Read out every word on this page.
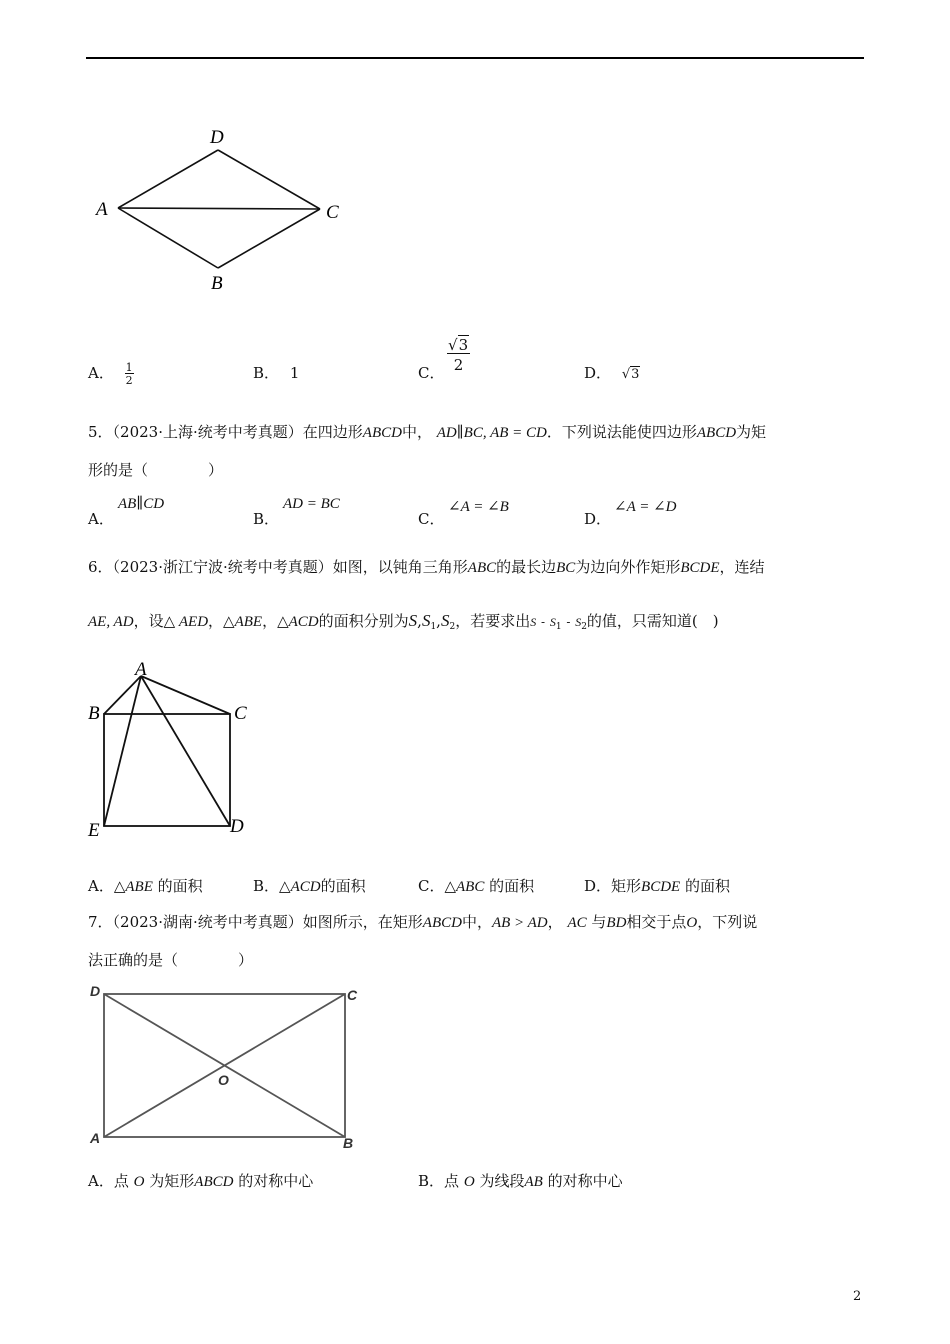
D
A	C
B
A． $\frac{1}{2}$	B． 1	C． $\frac{√3}{2}$	D． √3
5．（2023·上海·统考中考真题）在四边形ABCD中， AD∥BC, AB = CD．下列说法能使四边形ABCD为矩
形的是（　　　　）
A．
AB∥CD
B．
AD = BC
C．
∠A = ∠B
D．
∠A = ∠D
6．（2023·浙江宁波·统考中考真题）如图，以钝角三角形ABC的最长边BC为边向外作矩形BCDE，连结
AE, AD，设△ AED，△ABE，△ACD的面积分别为$S,S_1,S_2$，若要求出S - $S_1 - S_2$的值，只需知道(　)
A
B	C
E	D
A．△ABE 的面积	B．△ACD的面积	C．△ABC 的面积	D．矩形BCDE 的面积
7．（2023·湖南·统考中考真题）如图所示，在矩形ABCD中，AB > AD， AC 与BD相交于点O，下列说
法正确的是（　　　　）
D	C
O
A	B
A．点 O 为矩形ABCD 的对称中心	B．点 O 为线段AB 的对称中心
2
